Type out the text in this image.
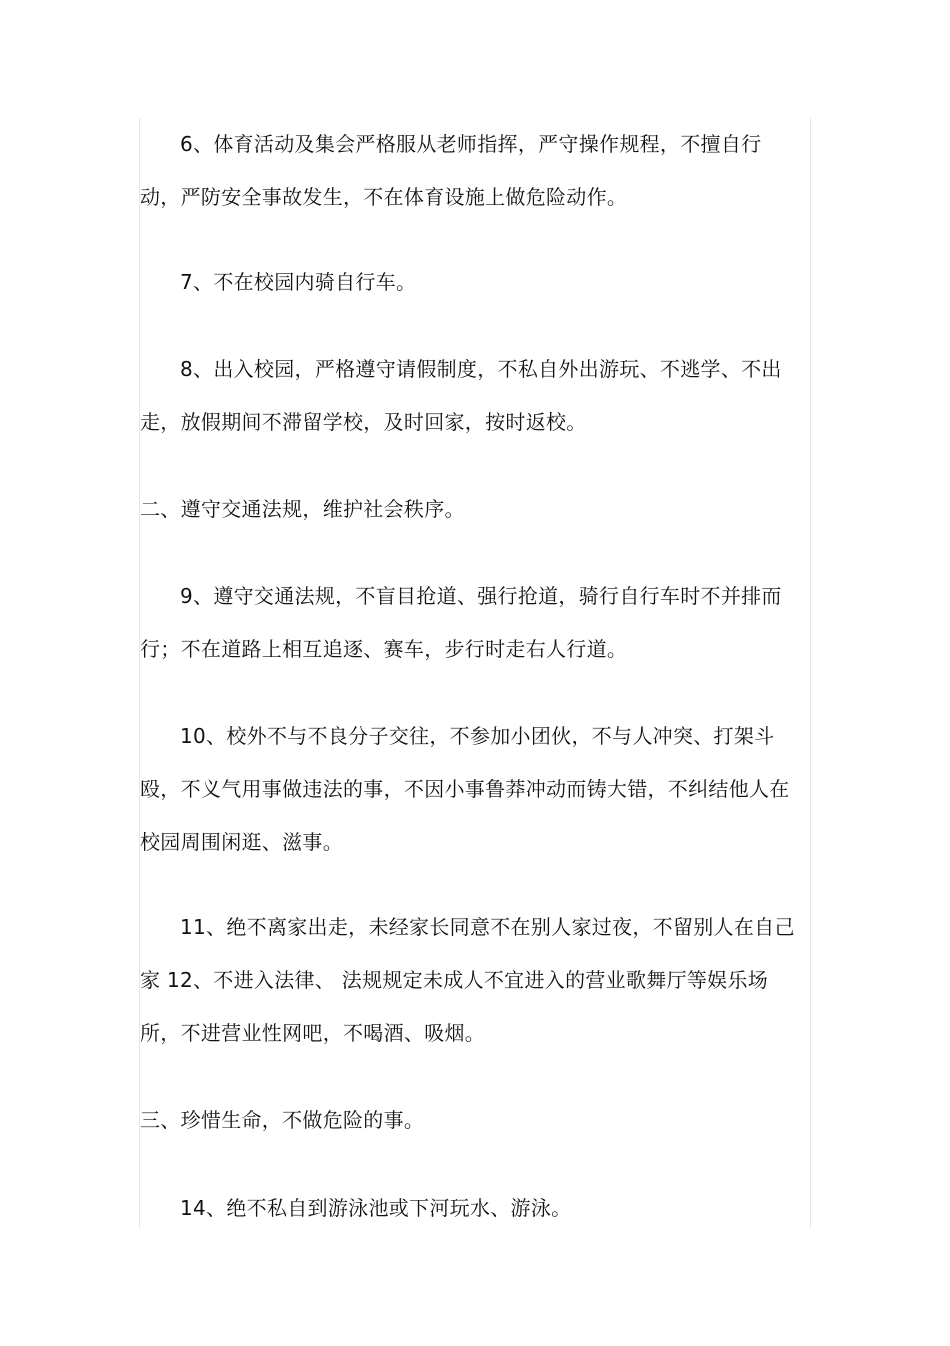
6、体育活动及集会严格服从老师指挥，严守操作规程，不擅自行动，严防安全事故发生，不在体育设施上做危险动作。
7、不在校园内骑自行车。
8、出入校园，严格遵守请假制度，不私自外出游玩、不逃学、不出走，放假期间不滞留学校，及时回家，按时返校。
二、遵守交通法规，维护社会秩序。
9、遵守交通法规，不盲目抢道、强行抢道，骑行自行车时不并排而行；不在道路上相互追逐、赛车，步行时走右人行道。
10、校外不与不良分子交往，不参加小团伙，不与人冲突、打架斗殴，不义气用事做违法的事，不因小事鲁莽冲动而铸大错，不纠结他人在校园周围闲逛、滋事。
11、绝不离家出走，未经家长同意不在别人家过夜，不留别人在自己家 12、不进入法律、 法规规定未成人不宜进入的营业歌舞厅等娱乐场所，不进营业性网吧，不喝酒、吸烟。
三、珍惜生命，不做危险的事。
14、绝不私自到游泳池或下河玩水、游泳。
